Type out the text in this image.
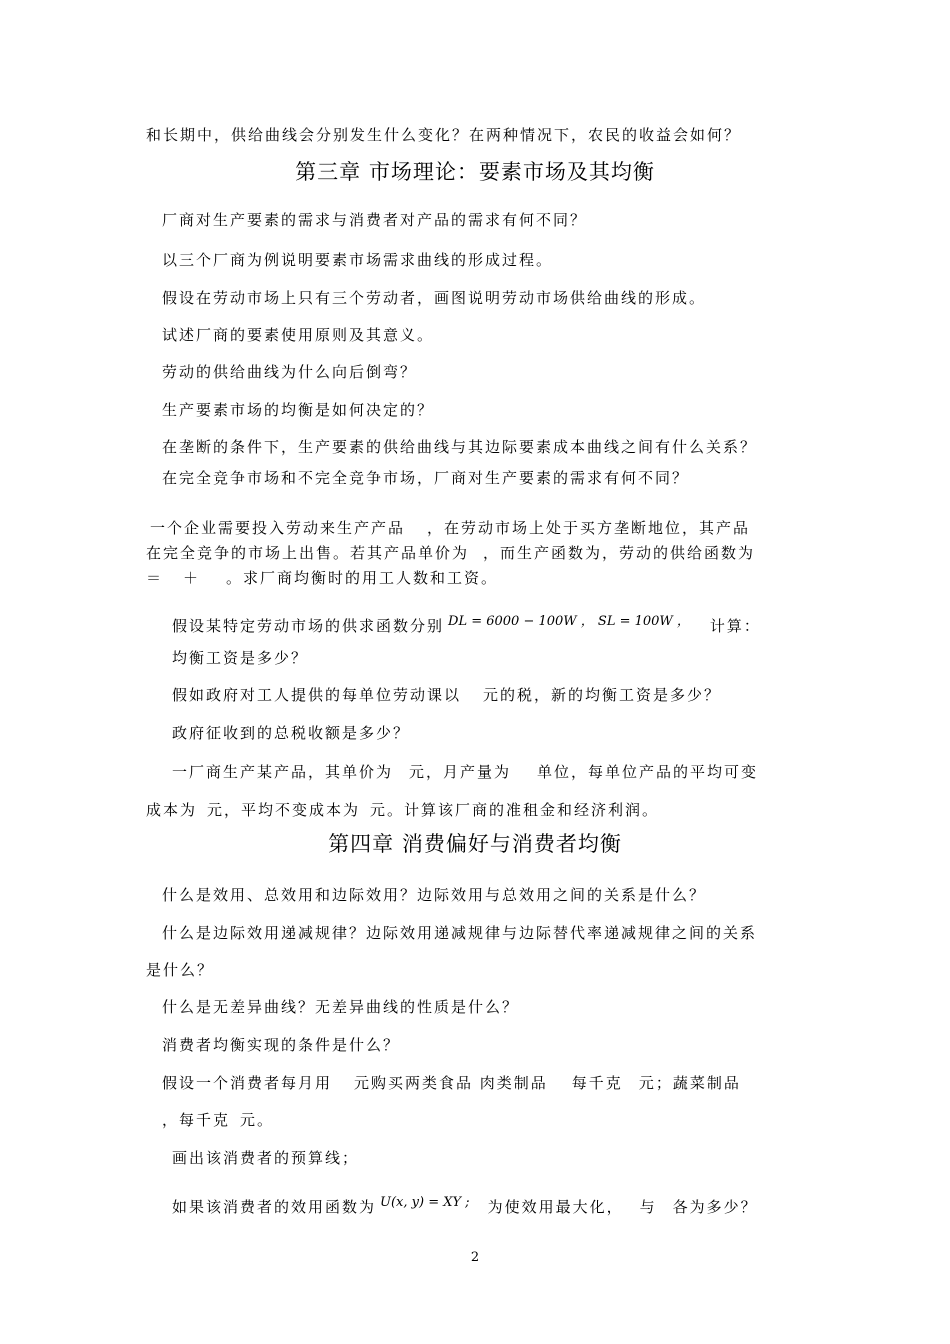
和长期中，供给曲线会分别发生什么变化？在两种情况下，农民的收益会如何？
第三章 市场理论：要素市场及其均衡
厂商对生产要素的需求与消费者对产品的需求有何不同？
以三个厂商为例说明要素市场需求曲线的形成过程。
假设在劳动市场上只有三个劳动者，画图说明劳动市场供给曲线的形成。
试述厂商的要素使用原则及其意义。
劳动的供给曲线为什么向后倒弯？
生产要素市场的均衡是如何决定的？
在垄断的条件下，生产要素的供给曲线与其边际要素成本曲线之间有什么关系？
在完全竞争市场和不完全竞争市场，厂商对生产要素的需求有何不同？
一个企业需要投入劳动来生产产品 ，在劳动市场上处于买方垄断地位，其产品
在完全竞争的市场上出售。若其产品单价为 ，而生产函数为，劳动的供给函数为
＝ ＋ 。求厂商均衡时的用工人数和工资。
假设某特定劳动市场的供求函数分别 DL = 6000 − 100W ， SL = 100W ， 计算：
均衡工资是多少？
假如政府对工人提供的每单位劳动课以 元的税，新的均衡工资是多少？
政府征收到的总税收额是多少？
一厂商生产某产品，其单价为 元，月产量为 单位，每单位产品的平均可变
成本为 元，平均不变成本为 元。计算该厂商的准租金和经济利润。
第四章 消费偏好与消费者均衡
什么是效用、总效用和边际效用？边际效用与总效用之间的关系是什么？
什么是边际效用递减规律？边际效用递减规律与边际替代率递减规律之间的关系
是什么？
什么是无差异曲线？无差异曲线的性质是什么？
消费者均衡实现的条件是什么？
假设一个消费者每月用 元购买两类食品 肉类制品 每千克 元；蔬菜制品
，每千克 元。
画出该消费者的预算线；
如果该消费者的效用函数为 U(x, y) = XY ; 为使效用最大化， 与 各为多少？
2
